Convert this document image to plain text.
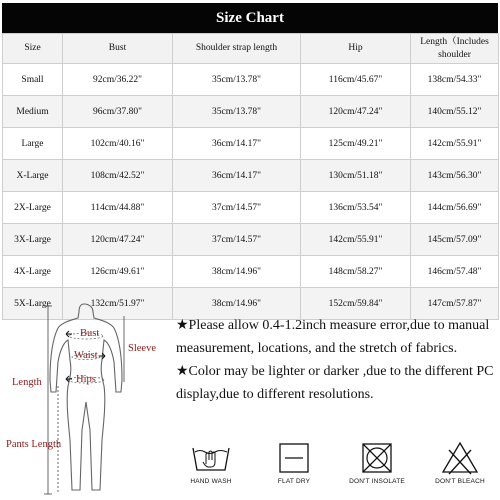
Size Chart
Size	Bust	Shoulder strap length	Hip	Length（Includes
shoulder
Small	92cm/36.22"	35cm/13.78"	116cm/45.67"	138cm/54.33"
Medium	96cm/37.80"	35cm/13.78"	120cm/47.24"	140cm/55.12"
Large	102cm/40.16"	36cm/14.17"	125cm/49.21"	142cm/55.91"
X-Large	108cm/42.52"	36cm/14.17"	130cm/51.18"	143cm/56.30"
2X-Large	114cm/44.88"	37cm/14.57"	136cm/53.54"	144cm/56.69"
3X-Large	120cm/47.24"	37cm/14.57"	142cm/55.91"	145cm/57.09"
4X-Large	126cm/49.61"	38cm/14.96"	148cm/58.27"	146cm/57.48"
5X-Large	132cm/51.97"	38cm/14.96"	152cm/59.84"	147cm/57.87"
Bust
Waist
Hips
Sleeve
Length
Pants Length

★Please allow 0.4-1.2inch measure error,due to manual measurement, locations, and the stretch of fabrics.

★Color may be lighter or darker ,due to the different PC display,due to different resolutions.

HAND WASH	FLAT DRY	DON'T INSOLATE	DON'T BLEACH
